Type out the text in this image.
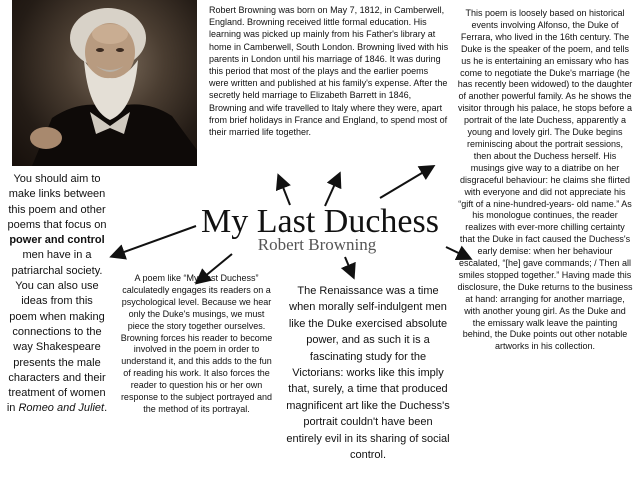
Robert Browning was born on May 7, 1812, in Camberwell, England. Browning received little formal education. His learning was picked up mainly from his Father's library at home in Camberwell, South London. Browning lived with his parents in London until his marriage of 1846. It was during this period that most of the plays and the earlier poems were written and published at his family's expense. After the secretly held marriage to Elizabeth Barrett in 1846, Browning and wife travelled to Italy where they were, apart from brief holidays in France and England, to spend most of their married life together.
This poem is loosely based on historical events involving Alfonso, the Duke of Ferrara, who lived in the 16th century. The Duke is the speaker of the poem, and tells us he is entertaining an emissary who has come to negotiate the Duke's marriage (he has recently been widowed) to the daughter of another powerful family. As he shows the visitor through his palace, he stops before a portrait of the late Duchess, apparently a young and lovely girl. The Duke begins reminiscing about the portrait sessions, then about the Duchess herself. His musings give way to a diatribe on her disgraceful behaviour: he claims she flirted with everyone and did not appreciate his “gift of a nine-hundred-years- old name.” As his monologue continues, the reader realizes with ever-more chilling certainty that the Duke in fact caused the Duchess's early demise: when her behaviour escalated, “[he] gave commands; / Then all smiles stopped together.” Having made this disclosure, the Duke returns to the business at hand: arranging for another marriage, with another young girl. As the Duke and the emissary walk leave the painting behind, the Duke points out other notable artworks in his collection.
You should aim to make links between this poem and other poems that focus on power and control men have in a patriarchal society. You can also use ideas from this poem when making connections to the way Shakespeare presents the male characters and their treatment of women in Romeo and Juliet.
My Last Duchess
Robert Browning
A poem like “My Last Duchess” calculatedly engages its readers on a psychological level. Because we hear only the Duke's musings, we must piece the story together ourselves. Browning forces his reader to become involved in the poem in order to understand it, and this adds to the fun of reading his work. It also forces the reader to question his or her own response to the subject portrayed and the method of its portrayal.
The Renaissance was a time when morally self-indulgent men like the Duke exercised absolute power, and as such it is a fascinating study for the Victorians: works like this imply that, surely, a time that produced magnificent art like the Duchess's portrait couldn't have been entirely evil in its sharing of social control.
